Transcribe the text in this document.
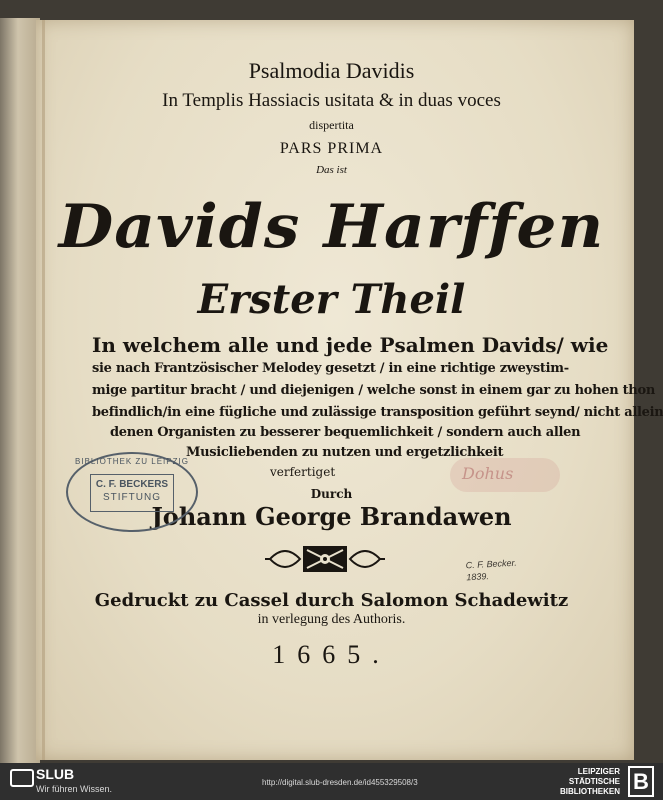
Psalmodia Davidis
In Templis Hassiacis usitata & in duas voces
dispertita
PARS PRIMA
Das ist
Davids Harffen
Erster Theil
In welchem alle und jede Psalmen Davids/ wie
sie nach Frantzösischer Melodey gesetzt / in eine richtige zweystim-
mige partitur bracht / und diejenigen / welche sonst in einem gar zu hohen thon
befindlich/in eine fügliche und zulässige transposition geführt seynd/ nicht allein
denen Organisten zu besserer bequemlichkeit / sondern auch allen
Musicliebenden zu nutzen und ergetzlichkeit
verfertiget
Durch
Johann George Brandawen
Gedruckt zu Cassel durch Salomon Schadewitz
in verlegung des Authoris.
1665.
BIBLIOTHEK ZU LEIPZIG
C. F. BECKERS
STIFTUNG
Dohus
C. F. Becker.
1839.
SLUB
Wir führen Wissen.
http://digital.slub-dresden.de/id455329508/3
LEIPZIGER
STÄDTISCHE
BIBLIOTHEKEN B
